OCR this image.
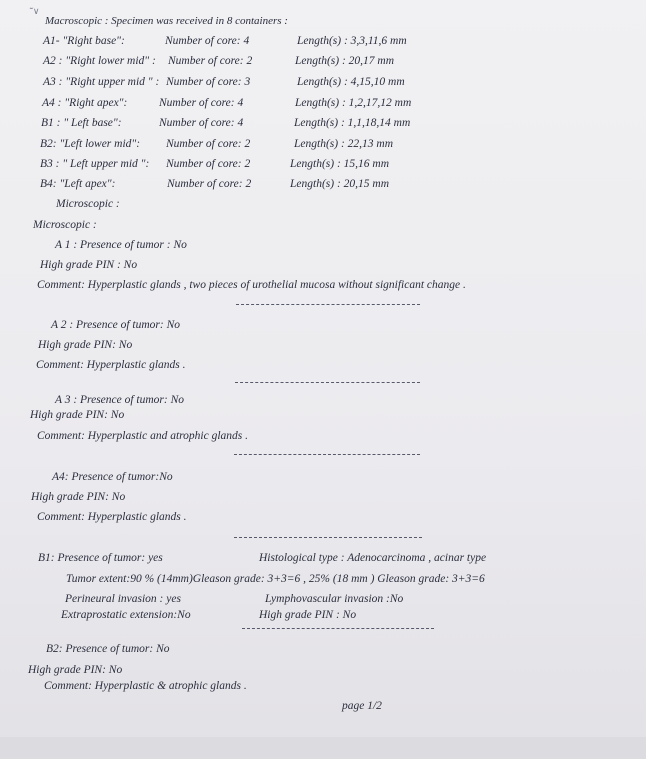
་ˇ∨
Macroscopic : Specimen was received in 8 containers :
A1- "Right base":	Number of core: 4	Length(s) : 3,3,11,6 mm
A2 : "Right lower mid" : Number of core: 2	Length(s) : 20,17 mm
A3 : "Right upper mid " : Number of core: 3	Length(s) : 4,15,10 mm
A4 : "Right apex":	Number of core: 4	Length(s) : 1,2,17,12 mm
B1 : " Left base":	Number of core: 4	Length(s) : 1,1,18,14 mm
B2: "Left lower mid": Number of core: 2	Length(s) : 22,13 mm
B3 : " Left upper mid ": Number of core: 2	Length(s) : 15,16 mm
B4: "Left apex":	Number of core: 2	Length(s) : 20,15 mm
Microscopic :
Microscopic :
A 1 : Presence of tumor : No
High grade PIN : No
Comment: Hyperplastic glands , two pieces of urothelial mucosa without significant change .
A 2 : Presence of tumor: No
High grade PIN: No
Comment: Hyperplastic glands .
A 3 : Presence of tumor: No
High grade PIN: No
Comment: Hyperplastic and atrophic glands .
A4: Presence of tumor:No
High grade PIN: No
Comment: Hyperplastic glands .
B1: Presence of tumor: yes	Histological type : Adenocarcinoma , acinar type
Tumor extent:90 % (14mm)Gleason grade: 3+3=6 , 25% (18 mm ) Gleason grade: 3+3=6
Perineural invasion : yes	Lymphovascular invasion :No
Extraprostatic extension:No	High grade PIN : No
B2: Presence of tumor: No
High grade PIN: No
Comment: Hyperplastic & atrophic glands .
page 1/2
